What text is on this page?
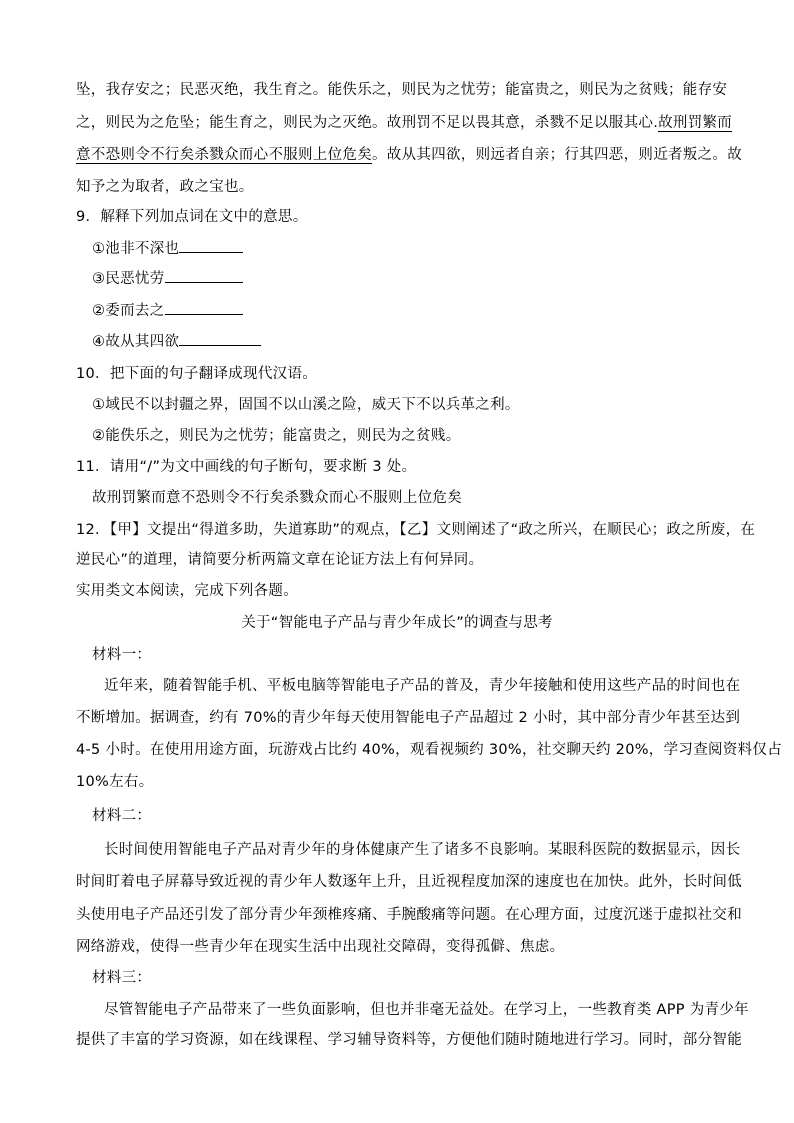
坠，我存安之；民恶灭绝，我生育之。能佚乐之，则民为之忧劳；能富贵之，则民为之贫贱；能存安
之，则民为之危坠；能生育之，则民为之灭绝。故刑罚不足以畏其意，杀戮不足以服其心.故刑罚繁而
意不恐则令不行矣杀戮众而心不服则上位危矣。故从其四欲，则远者自亲；行其四恶，则近者叛之。故
知予之为取者，政之宝也。
9．解释下列加点词在文中的意思。
①池非不深也
③民恶忧劳
②委而去之
④故从其四欲
10．把下面的句子翻译成现代汉语。
①域民不以封疆之界，固国不以山溪之险，威天下不以兵革之利。
②能佚乐之，则民为之忧劳；能富贵之，则民为之贫贱。
11．请用“/”为文中画线的句子断句，要求断 3 处。
故刑罚繁而意不恐则令不行矣杀戮众而心不服则上位危矣
12．【甲】文提出“得道多助，失道寡助”的观点，【乙】文则阐述了“政之所兴，在顺民心；政之所废，在
逆民心”的道理，请简要分析两篇文章在论证方法上有何异同。
实用类文本阅读，完成下列各题。
关于“智能电子产品与青少年成长”的调查与思考
材料一：
近年来，随着智能手机、平板电脑等智能电子产品的普及，青少年接触和使用这些产品的时间也在
不断增加。据调查，约有 70%的青少年每天使用智能电子产品超过 2 小时，其中部分青少年甚至达到
4-5 小时。在使用用途方面，玩游戏占比约 40%，观看视频约 30%，社交聊天约 20%，学习查阅资料仅占
10%左右。
材料二：
长时间使用智能电子产品对青少年的身体健康产生了诸多不良影响。某眼科医院的数据显示，因长
时间盯着电子屏幕导致近视的青少年人数逐年上升，且近视程度加深的速度也在加快。此外，长时间低
头使用电子产品还引发了部分青少年颈椎疼痛、手腕酸痛等问题。在心理方面，过度沉迷于虚拟社交和
网络游戏，使得一些青少年在现实生活中出现社交障碍，变得孤僻、焦虑。
材料三：
尽管智能电子产品带来了一些负面影响，但也并非毫无益处。在学习上，一些教育类 APP 为青少年
提供了丰富的学习资源，如在线课程、学习辅导资料等，方便他们随时随地进行学习。同时，部分智能
